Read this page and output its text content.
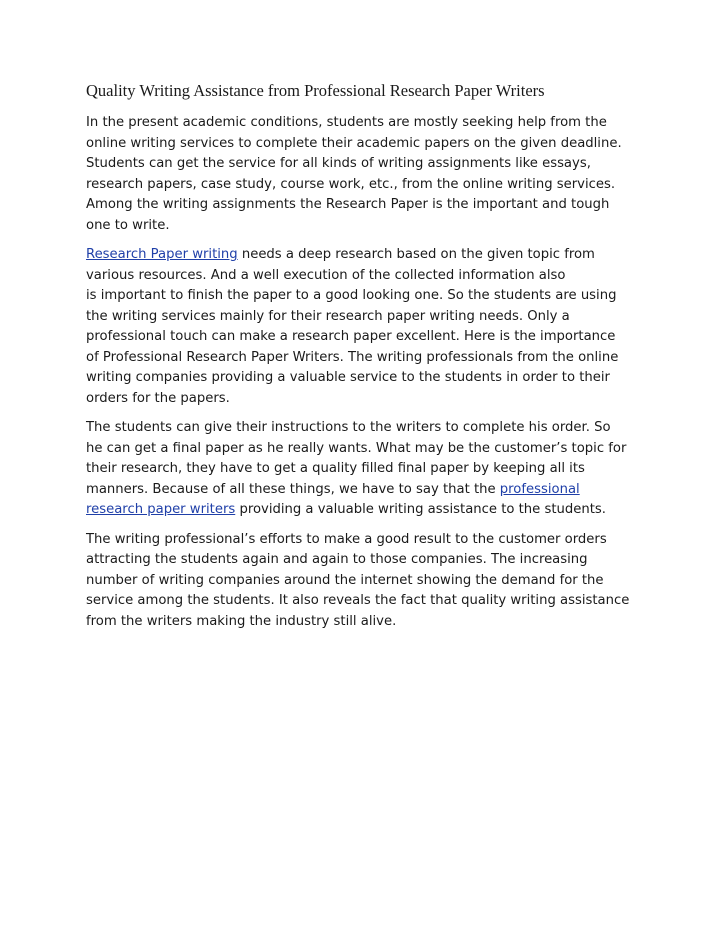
Quality Writing Assistance from Professional Research Paper Writers

In the present academic conditions, students are mostly seeking help from the
online writing services to complete their academic papers on the given deadline.
Students can get the service for all kinds of writing assignments like essays,
research papers, case study, course work, etc., from the online writing services.
Among the writing assignments the Research Paper is the important and tough
one to write.

Research Paper writing needs a deep research based on the given topic from
various resources. And a well execution of the collected information also
is important to finish the paper to a good looking one. So the students are using
the writing services mainly for their research paper writing needs. Only a
professional touch can make a research paper excellent. Here is the importance
of Professional Research Paper Writers. The writing professionals from the online
writing companies providing a valuable service to the students in order to their
orders for the papers.

The students can give their instructions to the writers to complete his order. So
he can get a final paper as he really wants. What may be the customer’s topic for
their research, they have to get a quality filled final paper by keeping all its
manners. Because of all these things, we have to say that the professional
research paper writers providing a valuable writing assistance to the students.

The writing professional’s efforts to make a good result to the customer orders
attracting the students again and again to those companies. The increasing
number of writing companies around the internet showing the demand for the
service among the students. It also reveals the fact that quality writing assistance
from the writers making the industry still alive.
